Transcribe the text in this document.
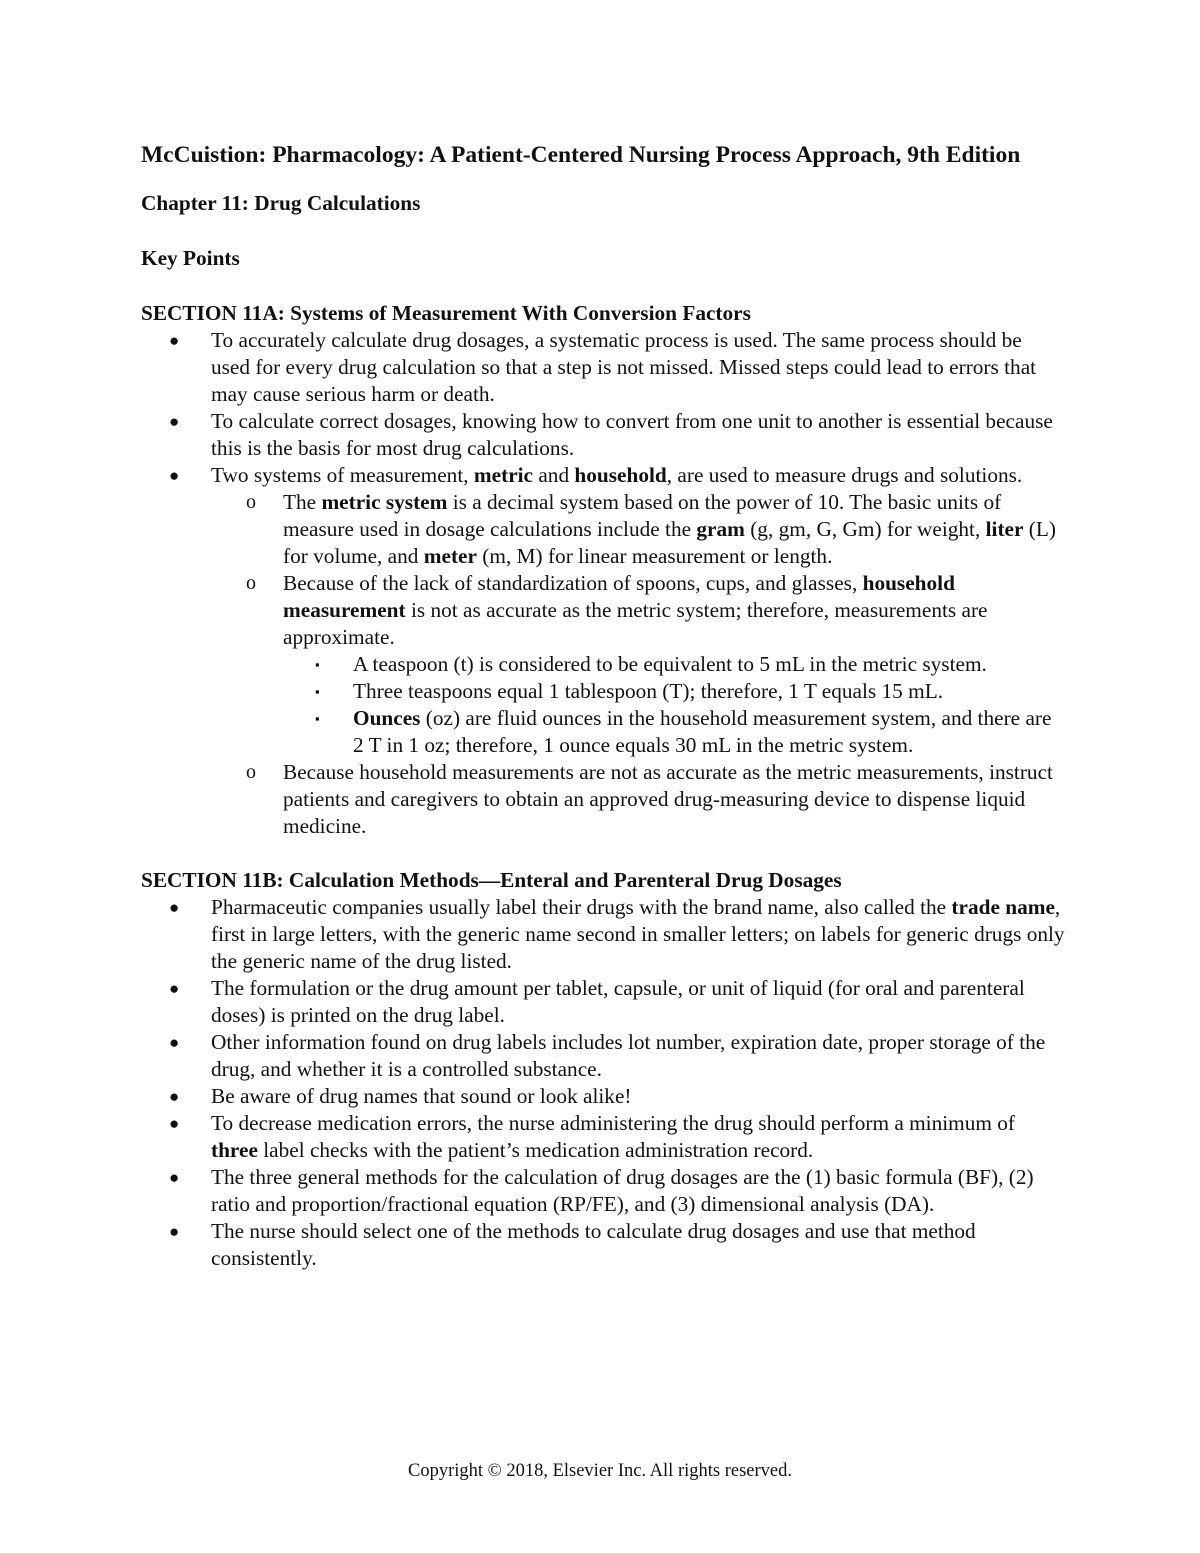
McCuistion: Pharmacology: A Patient-Centered Nursing Process Approach, 9th Edition

Chapter 11: Drug Calculations

Key Points

SECTION 11A: Systems of Measurement With Conversion Factors

● To accurately calculate drug dosages, a systematic process is used. The same process should be used for every drug calculation so that a step is not missed. Missed steps could lead to errors that may cause serious harm or death.
● To calculate correct dosages, knowing how to convert from one unit to another is essential because this is the basis for most drug calculations.
● Two systems of measurement, metric and household, are used to measure drugs and solutions.
o The metric system is a decimal system based on the power of 10. The basic units of measure used in dosage calculations include the gram (g, gm, G, Gm) for weight, liter (L) for volume, and meter (m, M) for linear measurement or length.
o Because of the lack of standardization of spoons, cups, and glasses, household measurement is not as accurate as the metric system; therefore, measurements are approximate.
▪ A teaspoon (t) is considered to be equivalent to 5 mL in the metric system.
▪ Three teaspoons equal 1 tablespoon (T); therefore, 1 T equals 15 mL.
▪ Ounces (oz) are fluid ounces in the household measurement system, and there are 2 T in 1 oz; therefore, 1 ounce equals 30 mL in the metric system.
o Because household measurements are not as accurate as the metric measurements, instruct patients and caregivers to obtain an approved drug-measuring device to dispense liquid medicine.

SECTION 11B: Calculation Methods—Enteral and Parenteral Drug Dosages

● Pharmaceutic companies usually label their drugs with the brand name, also called the trade name, first in large letters, with the generic name second in smaller letters; on labels for generic drugs only the generic name of the drug listed.
● The formulation or the drug amount per tablet, capsule, or unit of liquid (for oral and parenteral doses) is printed on the drug label.
● Other information found on drug labels includes lot number, expiration date, proper storage of the drug, and whether it is a controlled substance.
● Be aware of drug names that sound or look alike!
● To decrease medication errors, the nurse administering the drug should perform a minimum of three label checks with the patient’s medication administration record.
● The three general methods for the calculation of drug dosages are the (1) basic formula (BF), (2) ratio and proportion/fractional equation (RP/FE), and (3) dimensional analysis (DA).
● The nurse should select one of the methods to calculate drug dosages and use that method consistently.
Copyright © 2018, Elsevier Inc. All rights reserved.
